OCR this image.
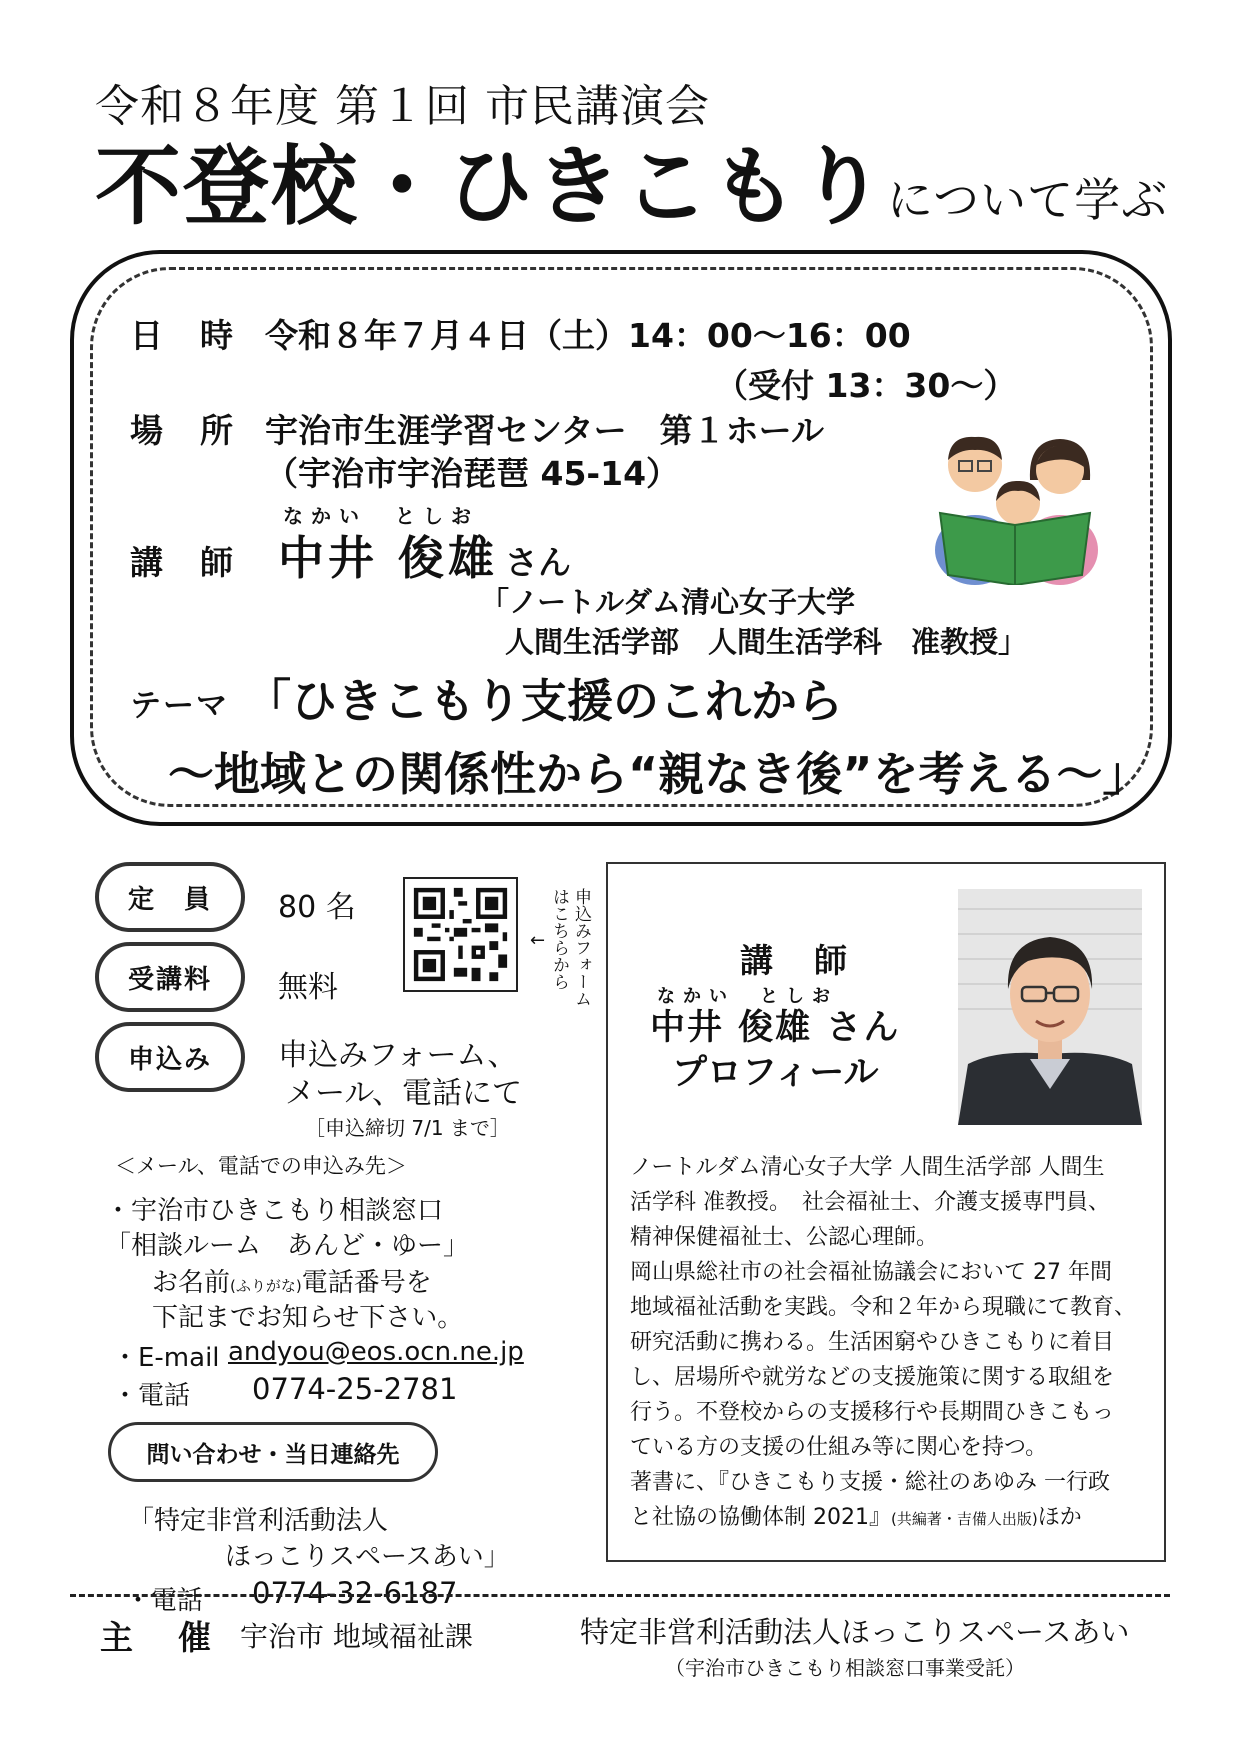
令和８年度 第１回 市民講演会
不登校・ひきこもりについて学ぶ
日　時 令和８年７月４日（土）14：00～16：00
（受付 13：30～）
場　所 宇治市生涯学習センター　第１ホール
（宇治市宇治琵琶 45-14）
なかい としお
講　師 中井 俊雄 さん
「ノートルダム清心女子大学
人間生活学部　人間生活学科　准教授」
テーマ 「ひきこもり支援のこれから
～地域との関係性から“親なき後”を考える～」
定　員	80 名
受講料	無料
申込み	申込みフォーム、
メール、電話にて
［申込締切 7/1 まで］
←	申込みフォームはこちらから
＜メール、電話での申込み先＞
・宇治市ひきこもり相談窓口
「相談ルーム　あんど・ゆー」
お名前(ふりがな)電話番号を
下記までお知らせ下さい。
・E-mail andyou@eos.ocn.ne.jp
・電話 0774-25-2781
問い合わせ・当日連絡先
「特定非営利活動法人
ほっこりスペースあい」
・電話 0774-32-6187
講　師
なかい としお
中井 俊雄 さん
プロフィール
ノートルダム清心女子大学 人間生活学部 人間生
活学科 准教授。　社会福祉士、介護支援専門員、
精神保健福祉士、公認心理師。
岡山県総社市の社会福祉協議会において 27 年間
地域福祉活動を実践。令和２年から現職にて教育、
研究活動に携わる。生活困窮やひきこもりに着目
し、居場所や就労などの支援施策に関する取組を
行う。不登校からの支援移行や長期間ひきこもっ
ている方の支援の仕組み等に関心を持つ。
著書に、『ひきこもり支援・総社のあゆみ 一行政
と社協の協働体制 2021』(共編著・吉備人出版)ほか
主　催 宇治市 地域福祉課	特定非営利活動法人ほっこりスペースあい
（宇治市ひきこもり相談窓口事業受託）
